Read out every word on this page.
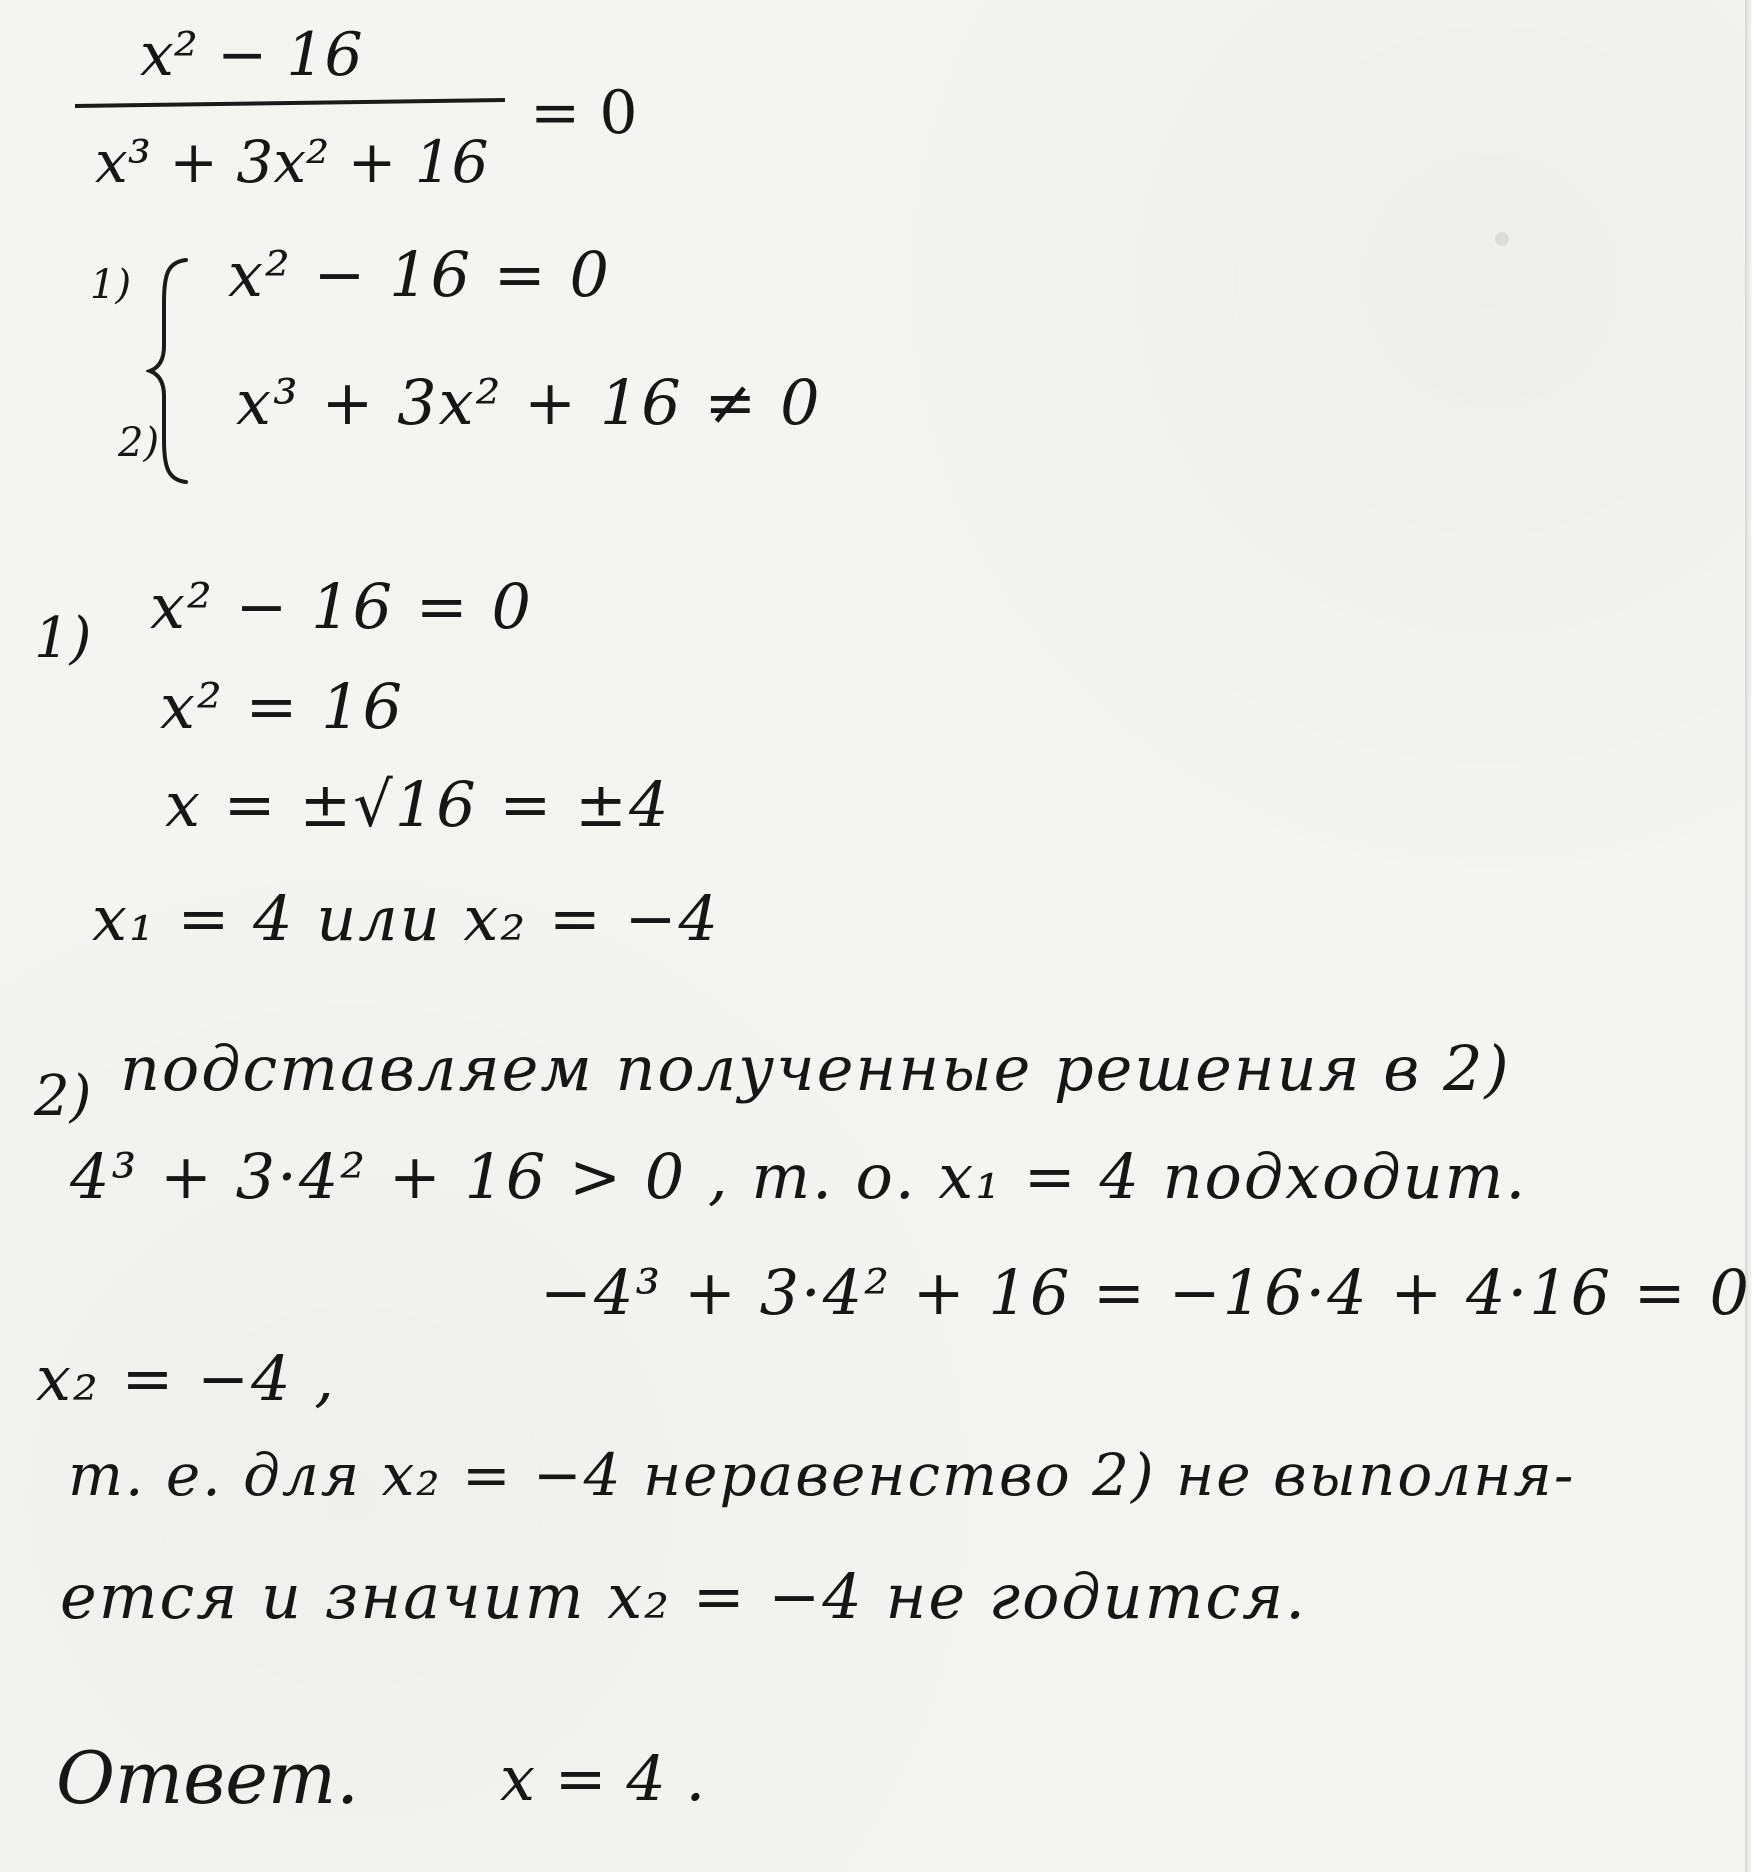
x² − 16
x³ + 3x² + 16
= 0
1)
2)
x² − 16 = 0
x³ + 3x² + 16 ≠ 0
1) x² − 16 = 0
x² = 16
x = ±√16 = ±4
x₁ = 4 или x₂ = −4
2) подставляем полученные решения в 2)
4³ + 3·4² + 16 > 0 , т. о. x₁ = 4 подходит.
−4³ + 3·4² + 16 = −16·4 + 4·16 = 0
x₂ = −4 ,
т. е. для x₂ = −4 неравенство 2) не выполня-
ется и значит x₂ = −4 не годится.
Ответ. x = 4 .
